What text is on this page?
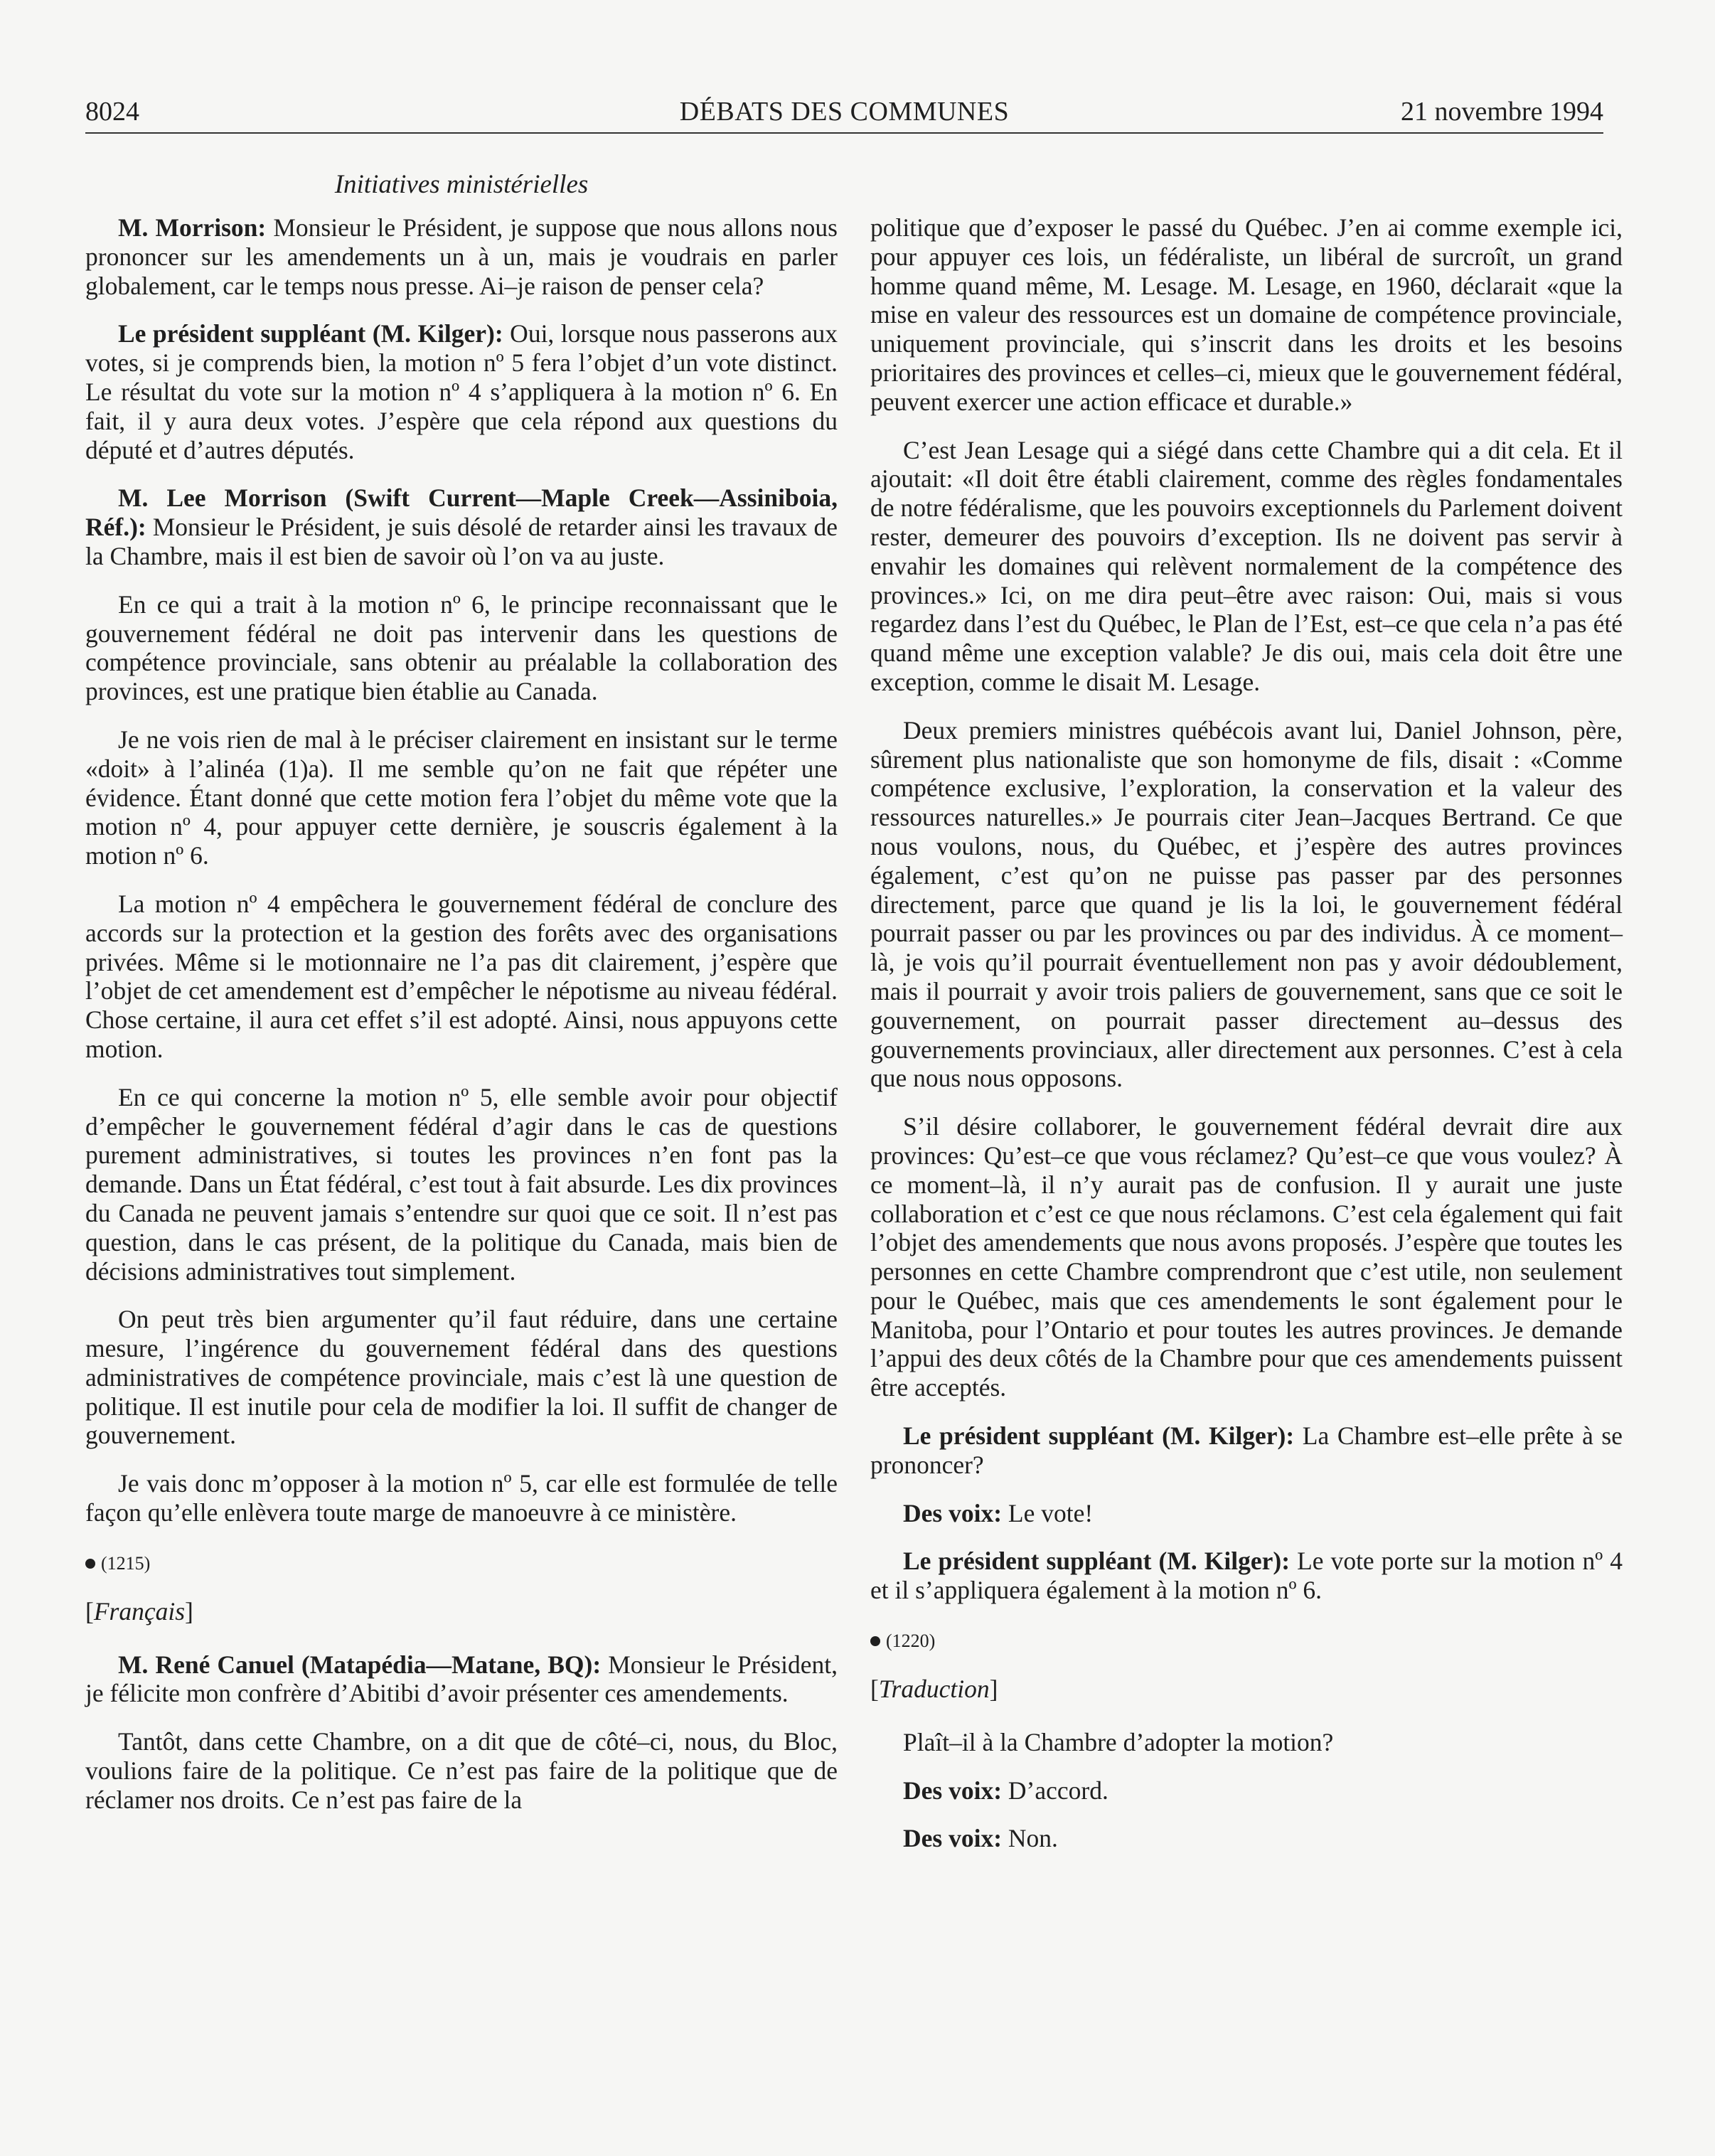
8024	DÉBATS DES COMMUNES	21 novembre 1994
Initiatives ministérielles

M. Morrison: Monsieur le Président, je suppose que nous allons nous prononcer sur les amendements un à un, mais je voudrais en parler globalement, car le temps nous presse. Ai–je raison de penser cela?

Le président suppléant (M. Kilger): Oui, lorsque nous passerons aux votes, si je comprends bien, la motion nº 5 fera l’objet d’un vote distinct. Le résultat du vote sur la motion nº 4 s’appliquera à la motion nº 6. En fait, il y aura deux votes. J’espère que cela répond aux questions du député et d’autres députés.

M. Lee Morrison (Swift Current—Maple Creek—Assiniboia, Réf.): Monsieur le Président, je suis désolé de retarder ainsi les travaux de la Chambre, mais il est bien de savoir où l’on va au juste.

En ce qui a trait à la motion nº 6, le principe reconnaissant que le gouvernement fédéral ne doit pas intervenir dans les questions de compétence provinciale, sans obtenir au préalable la collaboration des provinces, est une pratique bien établie au Canada.

Je ne vois rien de mal à le préciser clairement en insistant sur le terme «doit» à l’alinéa (1)a). Il me semble qu’on ne fait que répéter une évidence. Étant donné que cette motion fera l’objet du même vote que la motion nº 4, pour appuyer cette dernière, je souscris également à la motion nº 6.

La motion nº 4 empêchera le gouvernement fédéral de conclure des accords sur la protection et la gestion des forêts avec des organisations privées. Même si le motionnaire ne l’a pas dit clairement, j’espère que l’objet de cet amendement est d’empêcher le népotisme au niveau fédéral. Chose certaine, il aura cet effet s’il est adopté. Ainsi, nous appuyons cette motion.

En ce qui concerne la motion nº 5, elle semble avoir pour objectif d’empêcher le gouvernement fédéral d’agir dans le cas de questions purement administratives, si toutes les provinces n’en font pas la demande. Dans un État fédéral, c’est tout à fait absurde. Les dix provinces du Canada ne peuvent jamais s’entendre sur quoi que ce soit. Il n’est pas question, dans le cas présent, de la politique du Canada, mais bien de décisions administratives tout simplement.

On peut très bien argumenter qu’il faut réduire, dans une certaine mesure, l’ingérence du gouvernement fédéral dans des questions administratives de compétence provinciale, mais c’est là une question de politique. Il est inutile pour cela de modifier la loi. Il suffit de changer de gouvernement.

Je vais donc m’opposer à la motion nº 5, car elle est formulée de telle façon qu’elle enlèvera toute marge de manoeuvre à ce ministère.

(1215)
[Français]

M. René Canuel (Matapédia—Matane, BQ): Monsieur le Président, je félicite mon confrère d’Abitibi d’avoir présenter ces amendements.

Tantôt, dans cette Chambre, on a dit que de côté–ci, nous, du Bloc, voulions faire de la politique. Ce n’est pas faire de la politique que de réclamer nos droits. Ce n’est pas faire de la

politique que d’exposer le passé du Québec. J’en ai comme exemple ici, pour appuyer ces lois, un fédéraliste, un libéral de surcroît, un grand homme quand même, M. Lesage. M. Lesage, en 1960, déclarait «que la mise en valeur des ressources est un domaine de compétence provinciale, uniquement provinciale, qui s’inscrit dans les droits et les besoins prioritaires des provinces et celles–ci, mieux que le gouvernement fédéral, peuvent exercer une action efficace et durable.»

C’est Jean Lesage qui a siégé dans cette Chambre qui a dit cela. Et il ajoutait: «Il doit être établi clairement, comme des règles fondamentales de notre fédéralisme, que les pouvoirs exceptionnels du Parlement doivent rester, demeurer des pouvoirs d’exception. Ils ne doivent pas servir à envahir les domaines qui relèvent normalement de la compétence des provinces.» Ici, on me dira peut–être avec raison: Oui, mais si vous regardez dans l’est du Québec, le Plan de l’Est, est–ce que cela n’a pas été quand même une exception valable? Je dis oui, mais cela doit être une exception, comme le disait M. Lesage.

Deux premiers ministres québécois avant lui, Daniel Johnson, père, sûrement plus nationaliste que son homonyme de fils, disait : «Comme compétence exclusive, l’exploration, la conservation et la valeur des ressources naturelles.» Je pourrais citer Jean–Jacques Bertrand. Ce que nous voulons, nous, du Québec, et j’espère des autres provinces également, c’est qu’on ne puisse pas passer par des personnes directement, parce que quand je lis la loi, le gouvernement fédéral pourrait passer ou par les provinces ou par des individus. À ce moment–là, je vois qu’il pourrait éventuellement non pas y avoir dédoublement, mais il pourrait y avoir trois paliers de gouvernement, sans que ce soit le gouvernement, on pourrait passer directement au–dessus des gouvernements provinciaux, aller directement aux personnes. C’est à cela que nous nous opposons.

S’il désire collaborer, le gouvernement fédéral devrait dire aux provinces: Qu’est–ce que vous réclamez? Qu’est–ce que vous voulez? À ce moment–là, il n’y aurait pas de confusion. Il y aurait une juste collaboration et c’est ce que nous réclamons. C’est cela également qui fait l’objet des amendements que nous avons proposés. J’espère que toutes les personnes en cette Chambre comprendront que c’est utile, non seulement pour le Québec, mais que ces amendements le sont également pour le Manitoba, pour l’Ontario et pour toutes les autres provinces. Je demande l’appui des deux côtés de la Chambre pour que ces amendements puissent être acceptés.

Le président suppléant (M. Kilger): La Chambre est–elle prête à se prononcer?

Des voix: Le vote!

Le président suppléant (M. Kilger): Le vote porte sur la motion nº 4 et il s’appliquera également à la motion nº 6.

(1220)
[Traduction]

Plaît–il à la Chambre d’adopter la motion?

Des voix: D’accord.

Des voix: Non.
